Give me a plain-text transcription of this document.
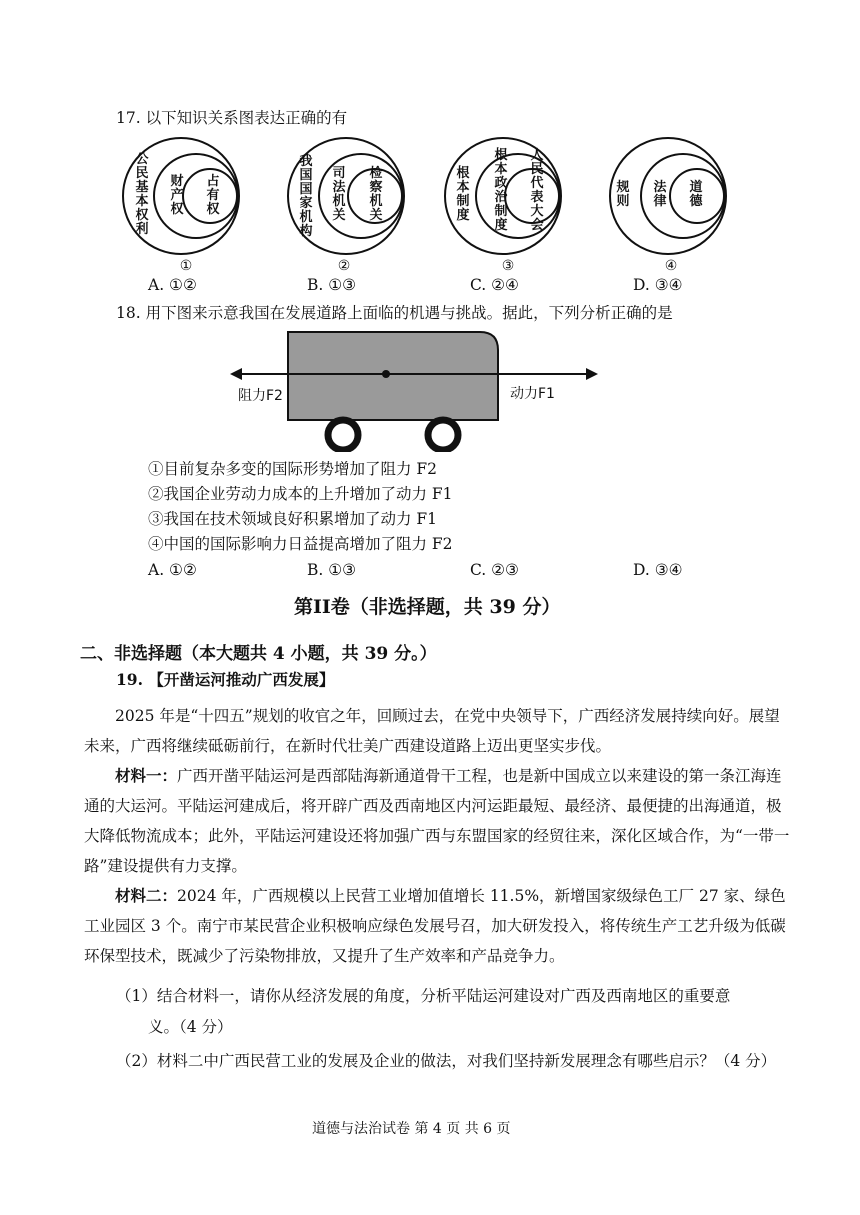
17. 以下知识关系图表达正确的有
公民基本权利
财产权
占有权
①
我国国家机构
司法机关
检察机关
②
根本制度
根本政治制度
人民代表大会
③
规则
法律
道德
④
A. ①②	B. ①③	C. ②④	D. ③④
18. 用下图来示意我国在发展道路上面临的机遇与挑战。据此，下列分析正确的是
阻力F2	动力F1
①目前复杂多变的国际形势增加了阻力 F2
②我国企业劳动力成本的上升增加了动力 F1
③我国在技术领域良好积累增加了动力 F1
④中国的国际影响力日益提高增加了阻力 F2
A. ①②	B. ①③	C. ②③	D. ③④
第II卷（非选择题，共 39 分）
二、非选择题（本大题共 4 小题，共 39 分。）
19. 【开凿运河推动广西发展】
2025 年是“十四五”规划的收官之年，回顾过去，在党中央领导下，广西经济发展持续向好。展望未来，广西将继续砥砺前行，在新时代壮美广西建设道路上迈出更坚实步伐。
材料一：广西开凿平陆运河是西部陆海新通道骨干工程，也是新中国成立以来建设的第一条江海连通的大运河。平陆运河建成后，将开辟广西及西南地区内河运距最短、最经济、最便捷的出海通道，极大降低物流成本；此外，平陆运河建设还将加强广西与东盟国家的经贸往来，深化区域合作，为“一带一路”建设提供有力支撑。
材料二：2024 年，广西规模以上民营工业增加值增长 11.5%，新增国家级绿色工厂 27 家、绿色工业园区 3 个。南宁市某民营企业积极响应绿色发展号召，加大研发投入，将传统生产工艺升级为低碳环保型技术，既减少了污染物排放，又提升了生产效率和产品竞争力。
（1）结合材料一，请你从经济发展的角度，分析平陆运河建设对广西及西南地区的重要意
义。（4 分）
（2）材料二中广西民营工业的发展及企业的做法，对我们坚持新发展理念有哪些启示？（4 分）
道德与法治试卷 第 4 页 共 6 页
